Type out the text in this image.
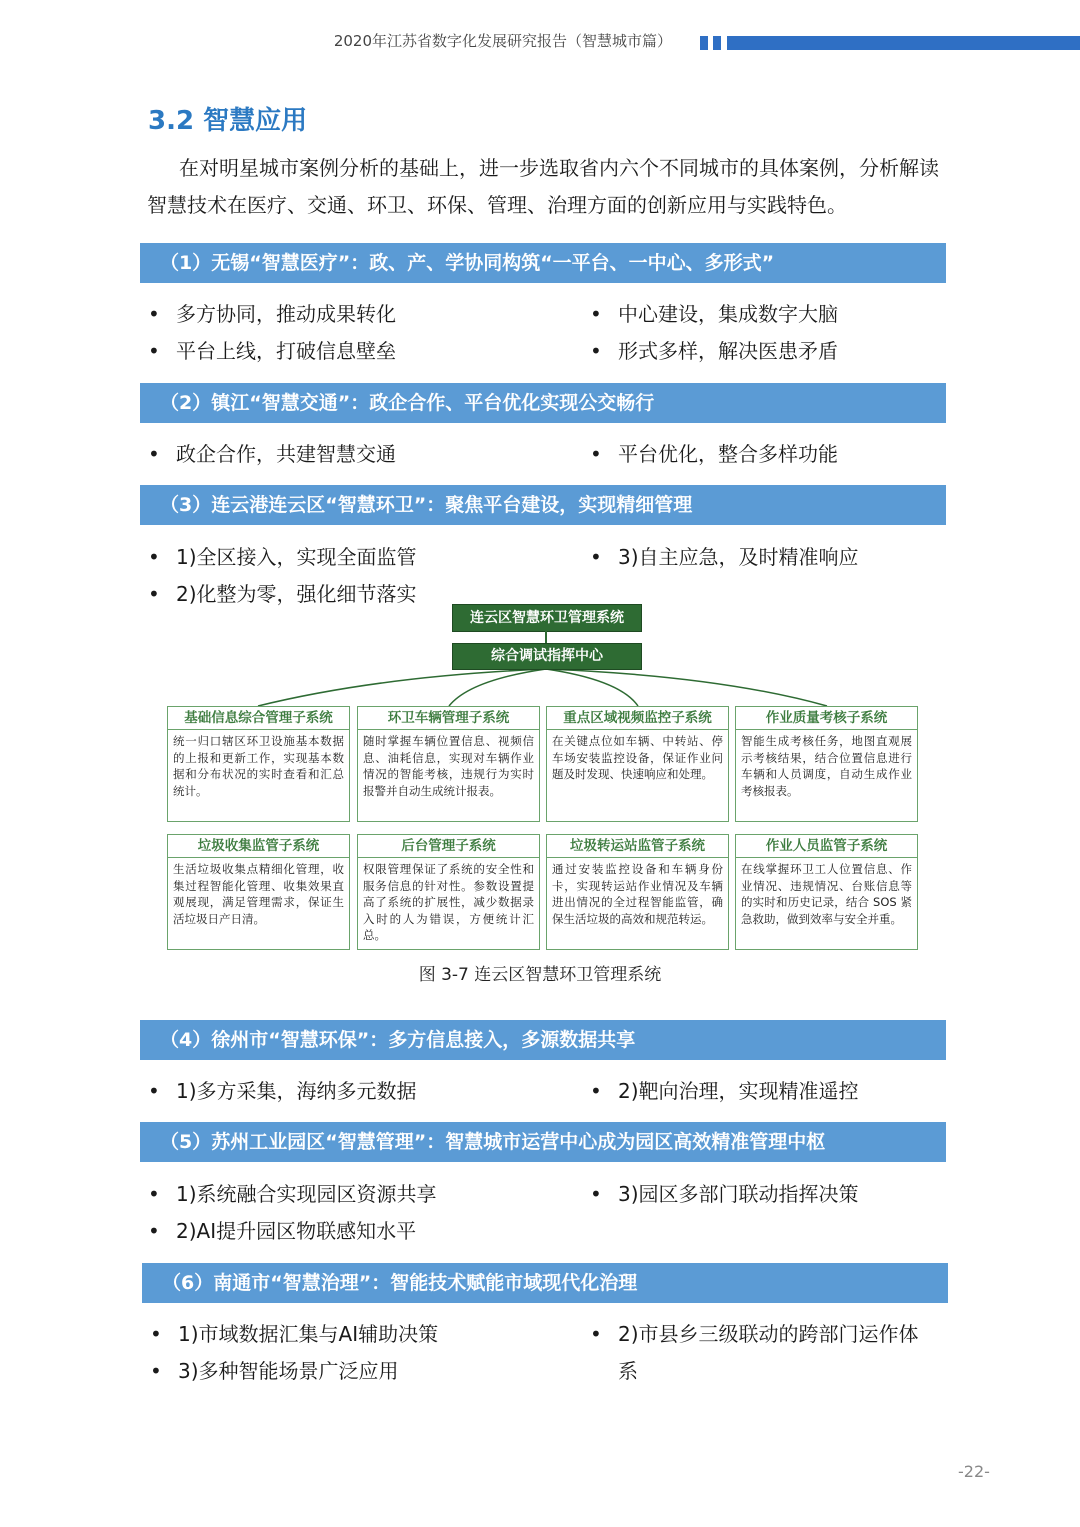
2020年江苏省数字化发展研究报告（智慧城市篇）
3.2 智慧应用
在对明星城市案例分析的基础上，进一步选取省内六个不同城市的具体案例，分析解读智慧技术在医疗、交通、环卫、环保、管理、治理方面的创新应用与实践特色。
（1）无锡“智慧医疗”：政、产、学协同构筑“一平台、一中心、多形式”
• 多方协同，推动成果转化
• 平台上线，打破信息壁垒
• 中心建设，集成数字大脑
• 形式多样，解决医患矛盾
（2）镇江“智慧交通”：政企合作、平台优化实现公交畅行
• 政企合作，共建智慧交通	• 平台优化，整合多样功能
（3）连云港连云区“智慧环卫”：聚焦平台建设，实现精细管理
• 1)全区接入，实现全面监管
• 2)化整为零，强化细节落实
• 3)自主应急，及时精准响应
连云区智慧环卫管理系统
综合调试指挥中心
基础信息综合管理子系统
统一归口辖区环卫设施基本数据的上报和更新工作，实现基本数据和分布状况的实时查看和汇总统计。
环卫车辆管理子系统
随时掌握车辆位置信息、视频信息、油耗信息，实现对车辆作业情况的智能考核，违规行为实时报警并自动生成统计报表。
重点区域视频监控子系统
在关键点位如车辆、中转站、停车场安装监控设备，保证作业问题及时发现、快速响应和处理。
作业质量考核子系统
智能生成考核任务，地图直观展示考核结果，结合位置信息进行车辆和人员调度，自动生成作业考核报表。
垃圾收集监管子系统
生活垃圾收集点精细化管理，收集过程智能化管理、收集效果直观展现，满足管理需求，保证生活垃圾日产日清。
后台管理子系统
权限管理保证了系统的安全性和服务信息的针对性。参数设置提高了系统的扩展性，减少数据录入时的人为错误，方便统计汇总。
垃圾转运站监管子系统
通过安装监控设备和车辆身份卡，实现转运站作业情况及车辆进出情况的全过程智能监管，确保生活垃圾的高效和规范转运。
作业人员监管子系统
在线掌握环卫工人位置信息、作业情况、违规情况、台账信息等的实时和历史记录，结合 SOS 紧急救助，做到效率与安全并重。
图 3-7 连云区智慧环卫管理系统
（4）徐州市“智慧环保”：多方信息接入，多源数据共享
• 1)多方采集，海纳多元数据	• 2)靶向治理，实现精准遥控
（5）苏州工业园区“智慧管理”：智慧城市运营中心成为园区高效精准管理中枢
• 1)系统融合实现园区资源共享
• 2)AI提升园区物联感知水平
• 3)园区多部门联动指挥决策
（6）南通市“智慧治理”：智能技术赋能市域现代化治理
• 1)市域数据汇集与AI辅助决策
• 3)多种智能场景广泛应用
• 2)市县乡三级联动的跨部门运作体
系
-22-
